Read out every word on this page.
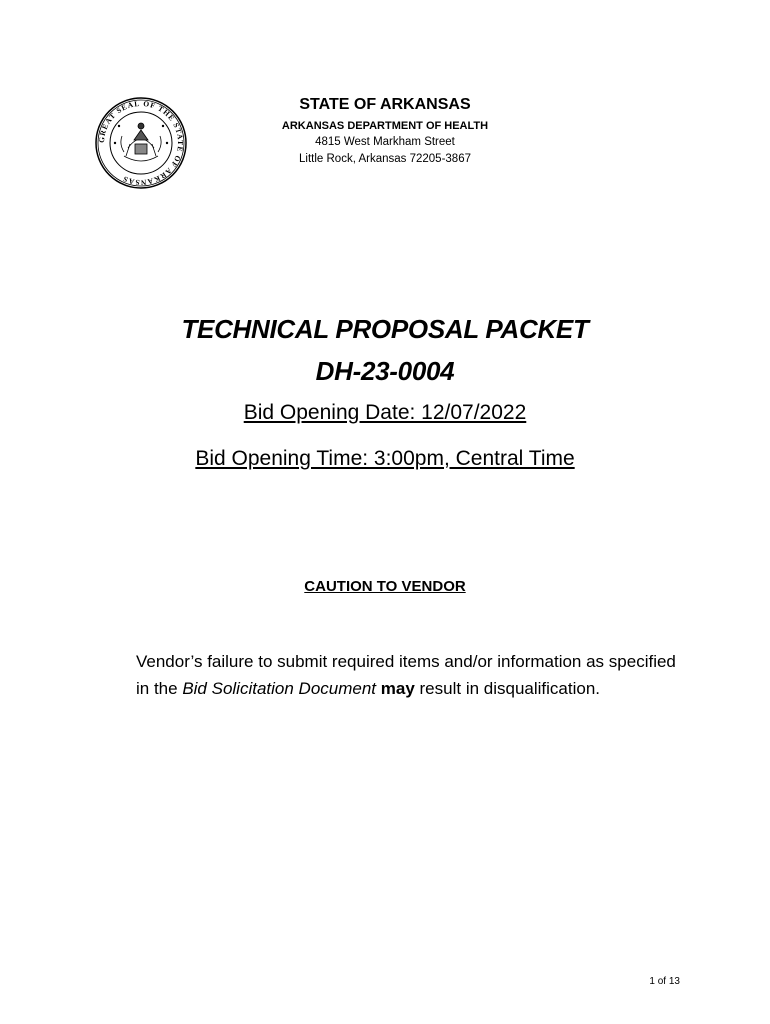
GREAT SEAL OF THE STATE OF ARKANSAS
STATE OF ARKANSAS
ARKANSAS DEPARTMENT OF HEALTH
4815 West Markham Street
Little Rock, Arkansas 72205-3867
TECHNICAL PROPOSAL PACKET
DH-23-0004
Bid Opening Date: 12/07/2022
Bid Opening Time: 3:00pm, Central Time
CAUTION TO VENDOR
Vendor’s failure to submit required items and/or information as specified in the Bid Solicitation Document may result in disqualification.
1 of 13
